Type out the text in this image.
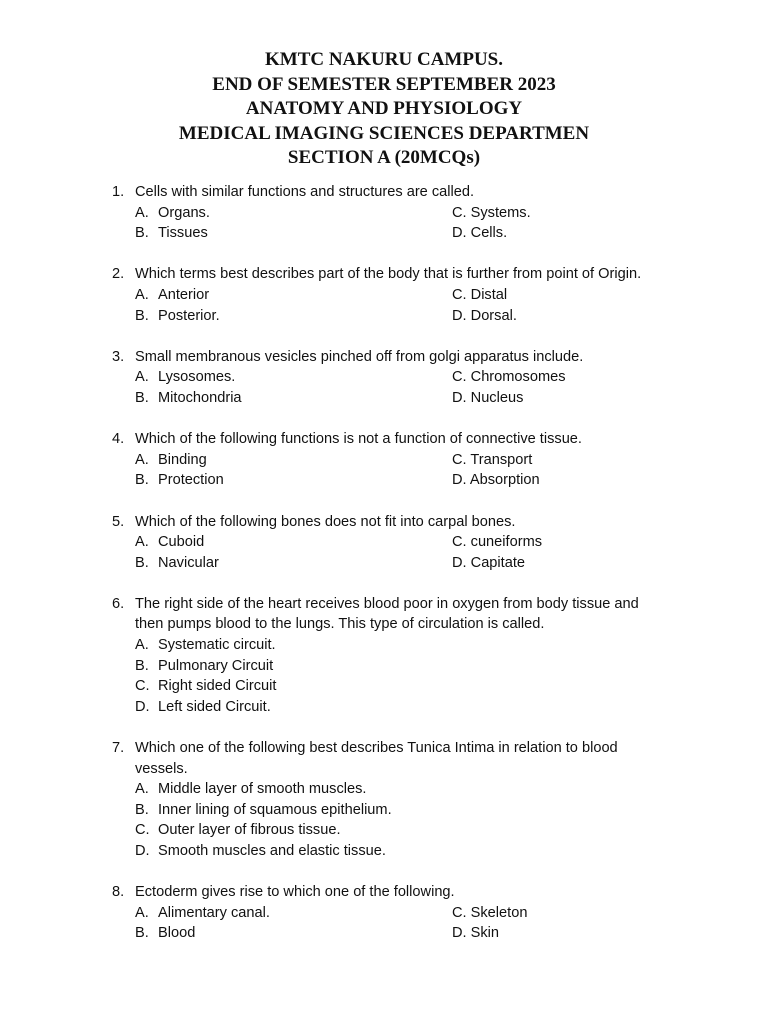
KMTC NAKURU CAMPUS.
END OF SEMESTER SEPTEMBER 2023
ANATOMY AND PHYSIOLOGY
MEDICAL IMAGING SCIENCES DEPARTMEN
SECTION A (20MCQs)
1. Cells with similar functions and structures are called.
A. Organs.	C. Systems.
B. Tissues	D. Cells.
2. Which terms best describes part of the body that is further from point of Origin.
A. Anterior	C. Distal
B. Posterior.	D. Dorsal.
3. Small membranous vesicles pinched off from golgi apparatus include.
A. Lysosomes.	C. Chromosomes
B. Mitochondria	D. Nucleus
4. Which of the following functions is not a function of connective tissue.
A. Binding	C. Transport
B. Protection	D. Absorption
5. Which of the following bones does not fit into carpal bones.
A. Cuboid	C. cuneiforms
B. Navicular	D. Capitate
6. The right side of the heart receives blood poor in oxygen from body tissue and
then pumps blood to the lungs. This type of circulation is called.
A. Systematic circuit.
B. Pulmonary Circuit
C. Right sided Circuit
D. Left sided Circuit.
7. Which one of the following best describes Tunica Intima in relation to blood
vessels.
A. Middle layer of smooth muscles.
B. Inner lining of squamous epithelium.
C. Outer layer of fibrous tissue.
D. Smooth muscles and elastic tissue.
8. Ectoderm gives rise to which one of the following.
A. Alimentary canal.	C. Skeleton
B. Blood	D. Skin
